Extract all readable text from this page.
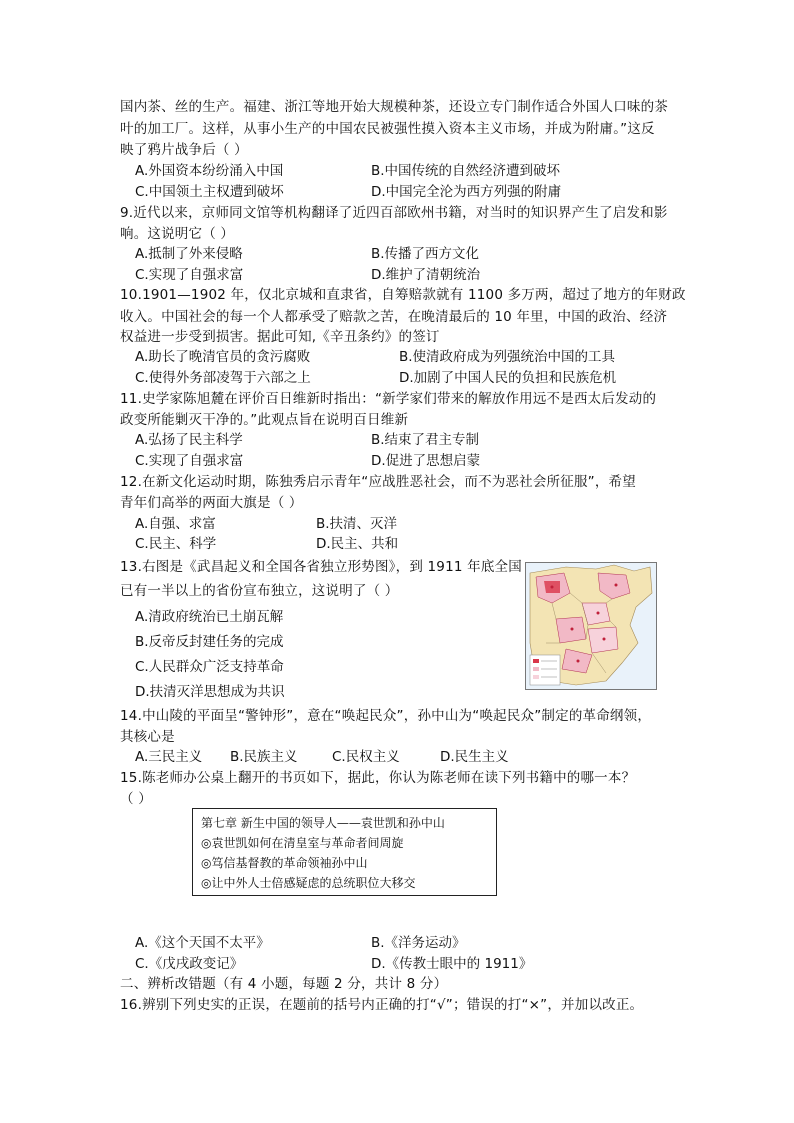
国内茶、丝的生产。福建、浙江等地开始大规模种茶，还设立专门制作适合外国人口味的茶
叶的加工厂。这样，从事小生产的中国农民被强性摸入资本主义市场，并成为附庸。”这反
映了鸦片战争后（ ）
A.外国资本纷纷涌入中国	B.中国传统的自然经济遭到破坏
C.中国领土主权遭到破坏	D.中国完全沦为西方列强的附庸
9.近代以来，京师同文馆等机构翻译了近四百部欧州书籍，对当时的知识界产生了启发和影
响。这说明它（ ）
A.抵制了外来侵略	B.传播了西方文化
C.实现了自强求富	D.维护了清朝统治
10.1901—1902 年，仅北京城和直隶省，自筹赔款就有 1100 多万两，超过了地方的年财政
收入。中国社会的每一个人都承受了赔款之苦，在晚清最后的 10 年里，中国的政治、经济
权益进一步受到损害。据此可知,《辛丑条约》的签订
A.助长了晚清官员的贪污腐败	B.使清政府成为列强统治中国的工具
C.使得外务部凌驾于六部之上	D.加剧了中国人民的负担和民族危机
11.史学家陈旭麓在评价百日维新时指出：“新学家们带来的解放作用远不是西太后发动的
政变所能剿灭干净的。”此观点旨在说明百日维新
A.弘扬了民主科学	B.结束了君主专制
C.实现了自强求富	D.促进了思想启蒙
12.在新文化运动时期，陈独秀启示青年“应战胜恶社会，而不为恶社会所征服”，希望
青年们高举的两面大旗是（ ）
A.自强、求富	B.扶清、灭洋
C.民主、科学	D.民主、共和
13.右图是《武昌起义和全国各省独立形势图》，到 1911 年底全国
已有一半以上的省份宣布独立，这说明了（ ）
A.清政府统治已土崩瓦解
B.反帝反封建任务的完成
C.人民群众广泛支持革命
D.扶清灭洋思想成为共识
14.中山陵的平面呈“警钟形”，意在“唤起民众”，孙中山为“唤起民众”制定的革命纲领，
其核心是
A.三民主义 B.民族主义	C.民权主义	D.民生主义
15.陈老师办公桌上翻开的书页如下，据此，你认为陈老师在读下列书籍中的哪一本？
（ ）
第七章 新生中国的领导人——袁世凯和孙中山
◎袁世凯如何在清皇室与革命者间周旋
◎笃信基督教的革命领袖孙中山
◎让中外人士倍感疑虑的总统职位大移交
A.《这个天国不太平》	B.《洋务运动》
C.《戊戌政变记》	D.《传教士眼中的 1911》
二、辨析改错题（有 4 小题，每题 2 分，共计 8 分）
16.辨别下列史实的正误，在题前的括号内正确的打“√”；错误的打“×”，并加以改正。
